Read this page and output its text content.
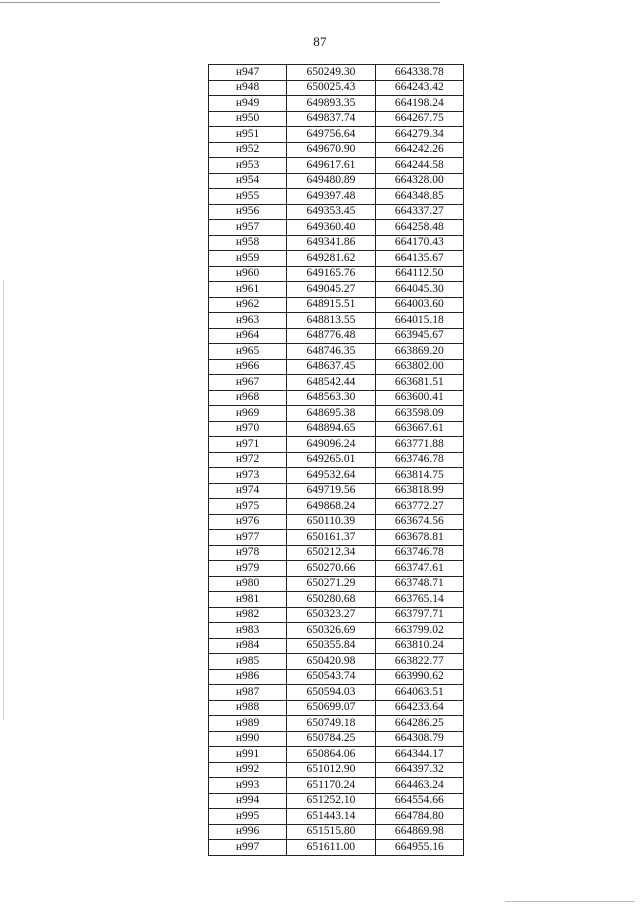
87
н947	650249.30	664338.78
н948	650025.43	664243.42
н949	649893.35	664198.24
н950	649837.74	664267.75
н951	649756.64	664279.34
н952	649670.90	664242.26
н953	649617.61	664244.58
н954	649480.89	664328.00
н955	649397.48	664348.85
н956	649353.45	664337.27
н957	649360.40	664258.48
н958	649341.86	664170.43
н959	649281.62	664135.67
н960	649165.76	664112.50
н961	649045.27	664045.30
н962	648915.51	664003.60
н963	648813.55	664015.18
н964	648776.48	663945.67
н965	648746.35	663869.20
н966	648637.45	663802.00
н967	648542.44	663681.51
н968	648563.30	663600.41
н969	648695.38	663598.09
н970	648894.65	663667.61
н971	649096.24	663771.88
н972	649265.01	663746.78
н973	649532.64	663814.75
н974	649719.56	663818.99
н975	649868.24	663772.27
н976	650110.39	663674.56
н977	650161.37	663678.81
н978	650212.34	663746.78
н979	650270.66	663747.61
н980	650271.29	663748.71
н981	650280.68	663765.14
н982	650323.27	663797.71
н983	650326.69	663799.02
н984	650355.84	663810.24
н985	650420.98	663822.77
н986	650543.74	663990.62
н987	650594.03	664063.51
н988	650699.07	664233.64
н989	650749.18	664286.25
н990	650784.25	664308.79
н991	650864.06	664344.17
н992	651012.90	664397.32
н993	651170.24	664463.24
н994	651252.10	664554.66
н995	651443.14	664784.80
н996	651515.80	664869.98
н997	651611.00	664955.16
